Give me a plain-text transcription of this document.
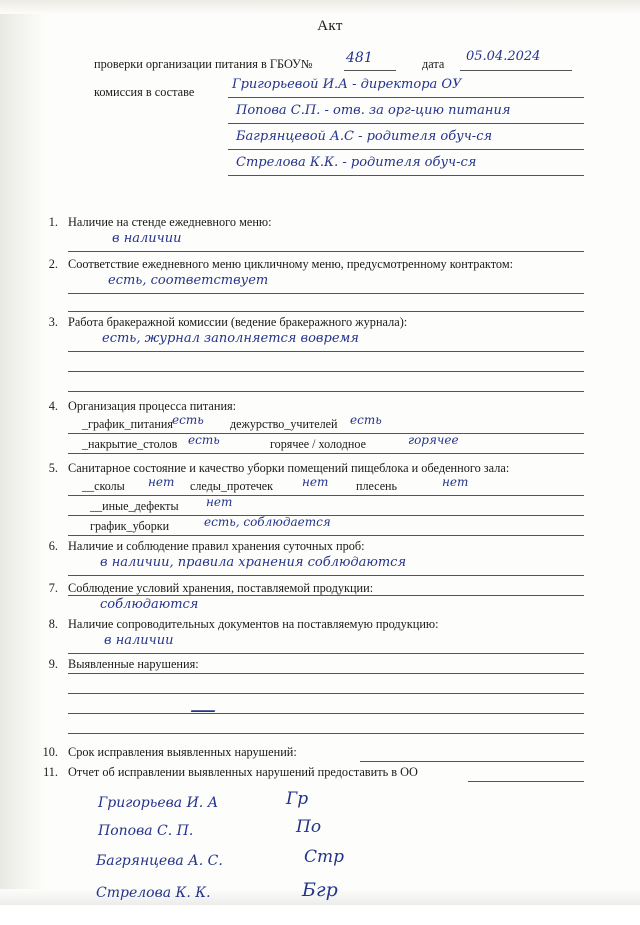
Акт
проверки организации питания в ГБОУ№ 481	дата 05.04.2024
комиссия в составе	Григорьевой И.А - директора ОУ
Попова С.П. - отв. за орг-цию питания
Багрянцевой А.С - родителя обуч-ся
Стрелова К.К. - родителя обуч-ся
1. Наличие на стенде ежедневного меню:
в наличии
2. Соответствие ежедневного меню цикличному меню, предусмотренному контрактом:
есть, соответствует
3. Работа бракеражной комиссии (ведение бракеражного журнала):
есть, журнал заполняется вовремя
4. Организация процесса питания:
_график_питания есть дежурство_учителей есть
_накрытие_столов есть	горячее / холодное	горячее
5. Санитарное состояние и качество уборки помещений пищеблока и обеденного зала:
__сколы нет следы_протечек нет плесень	нет
__иные_дефекты нет
график_уборки	есть, соблюдается
6. Наличие и соблюдение правил хранения суточных проб:
в наличии, правила хранения соблюдаются
7. Соблюдение условий хранения, поставляемой продукции:
соблюдаются
8. Наличие сопроводительных документов на поставляемую продукцию:
в наличии
9. Выявленные нарушения:
—
10. Срок исправления выявленных нарушений:
11. Отчет об исправлении выявленных нарушений предоставить в ОО
Григорьева И. А	Гр
Попова С. П.	По
Багрянцева А. С.	Стр
Стрелова К. К.	Бгр
